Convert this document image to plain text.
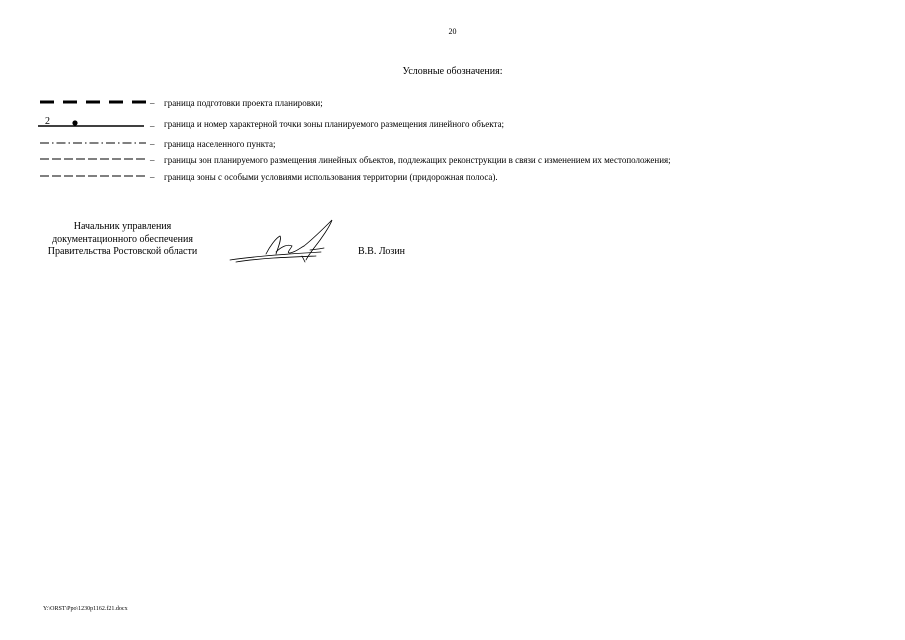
20
Условные обозначения:
– граница подготовки проекта планировки;
2	– граница и номер характерной точки зоны планируемого размещения линейного объекта;
– граница населенного пункта;
– границы зон планируемого размещения линейных объектов, подлежащих реконструкции в связи с изменением их местоположения;
– граница зоны с особыми условиями использования территории (придорожная полоса).
Начальник управления
документационного обеспечения
Правительства Ростовской области	В.В. Лозин
Y:\ORST\Ppo\1230p1162.f21.docx
